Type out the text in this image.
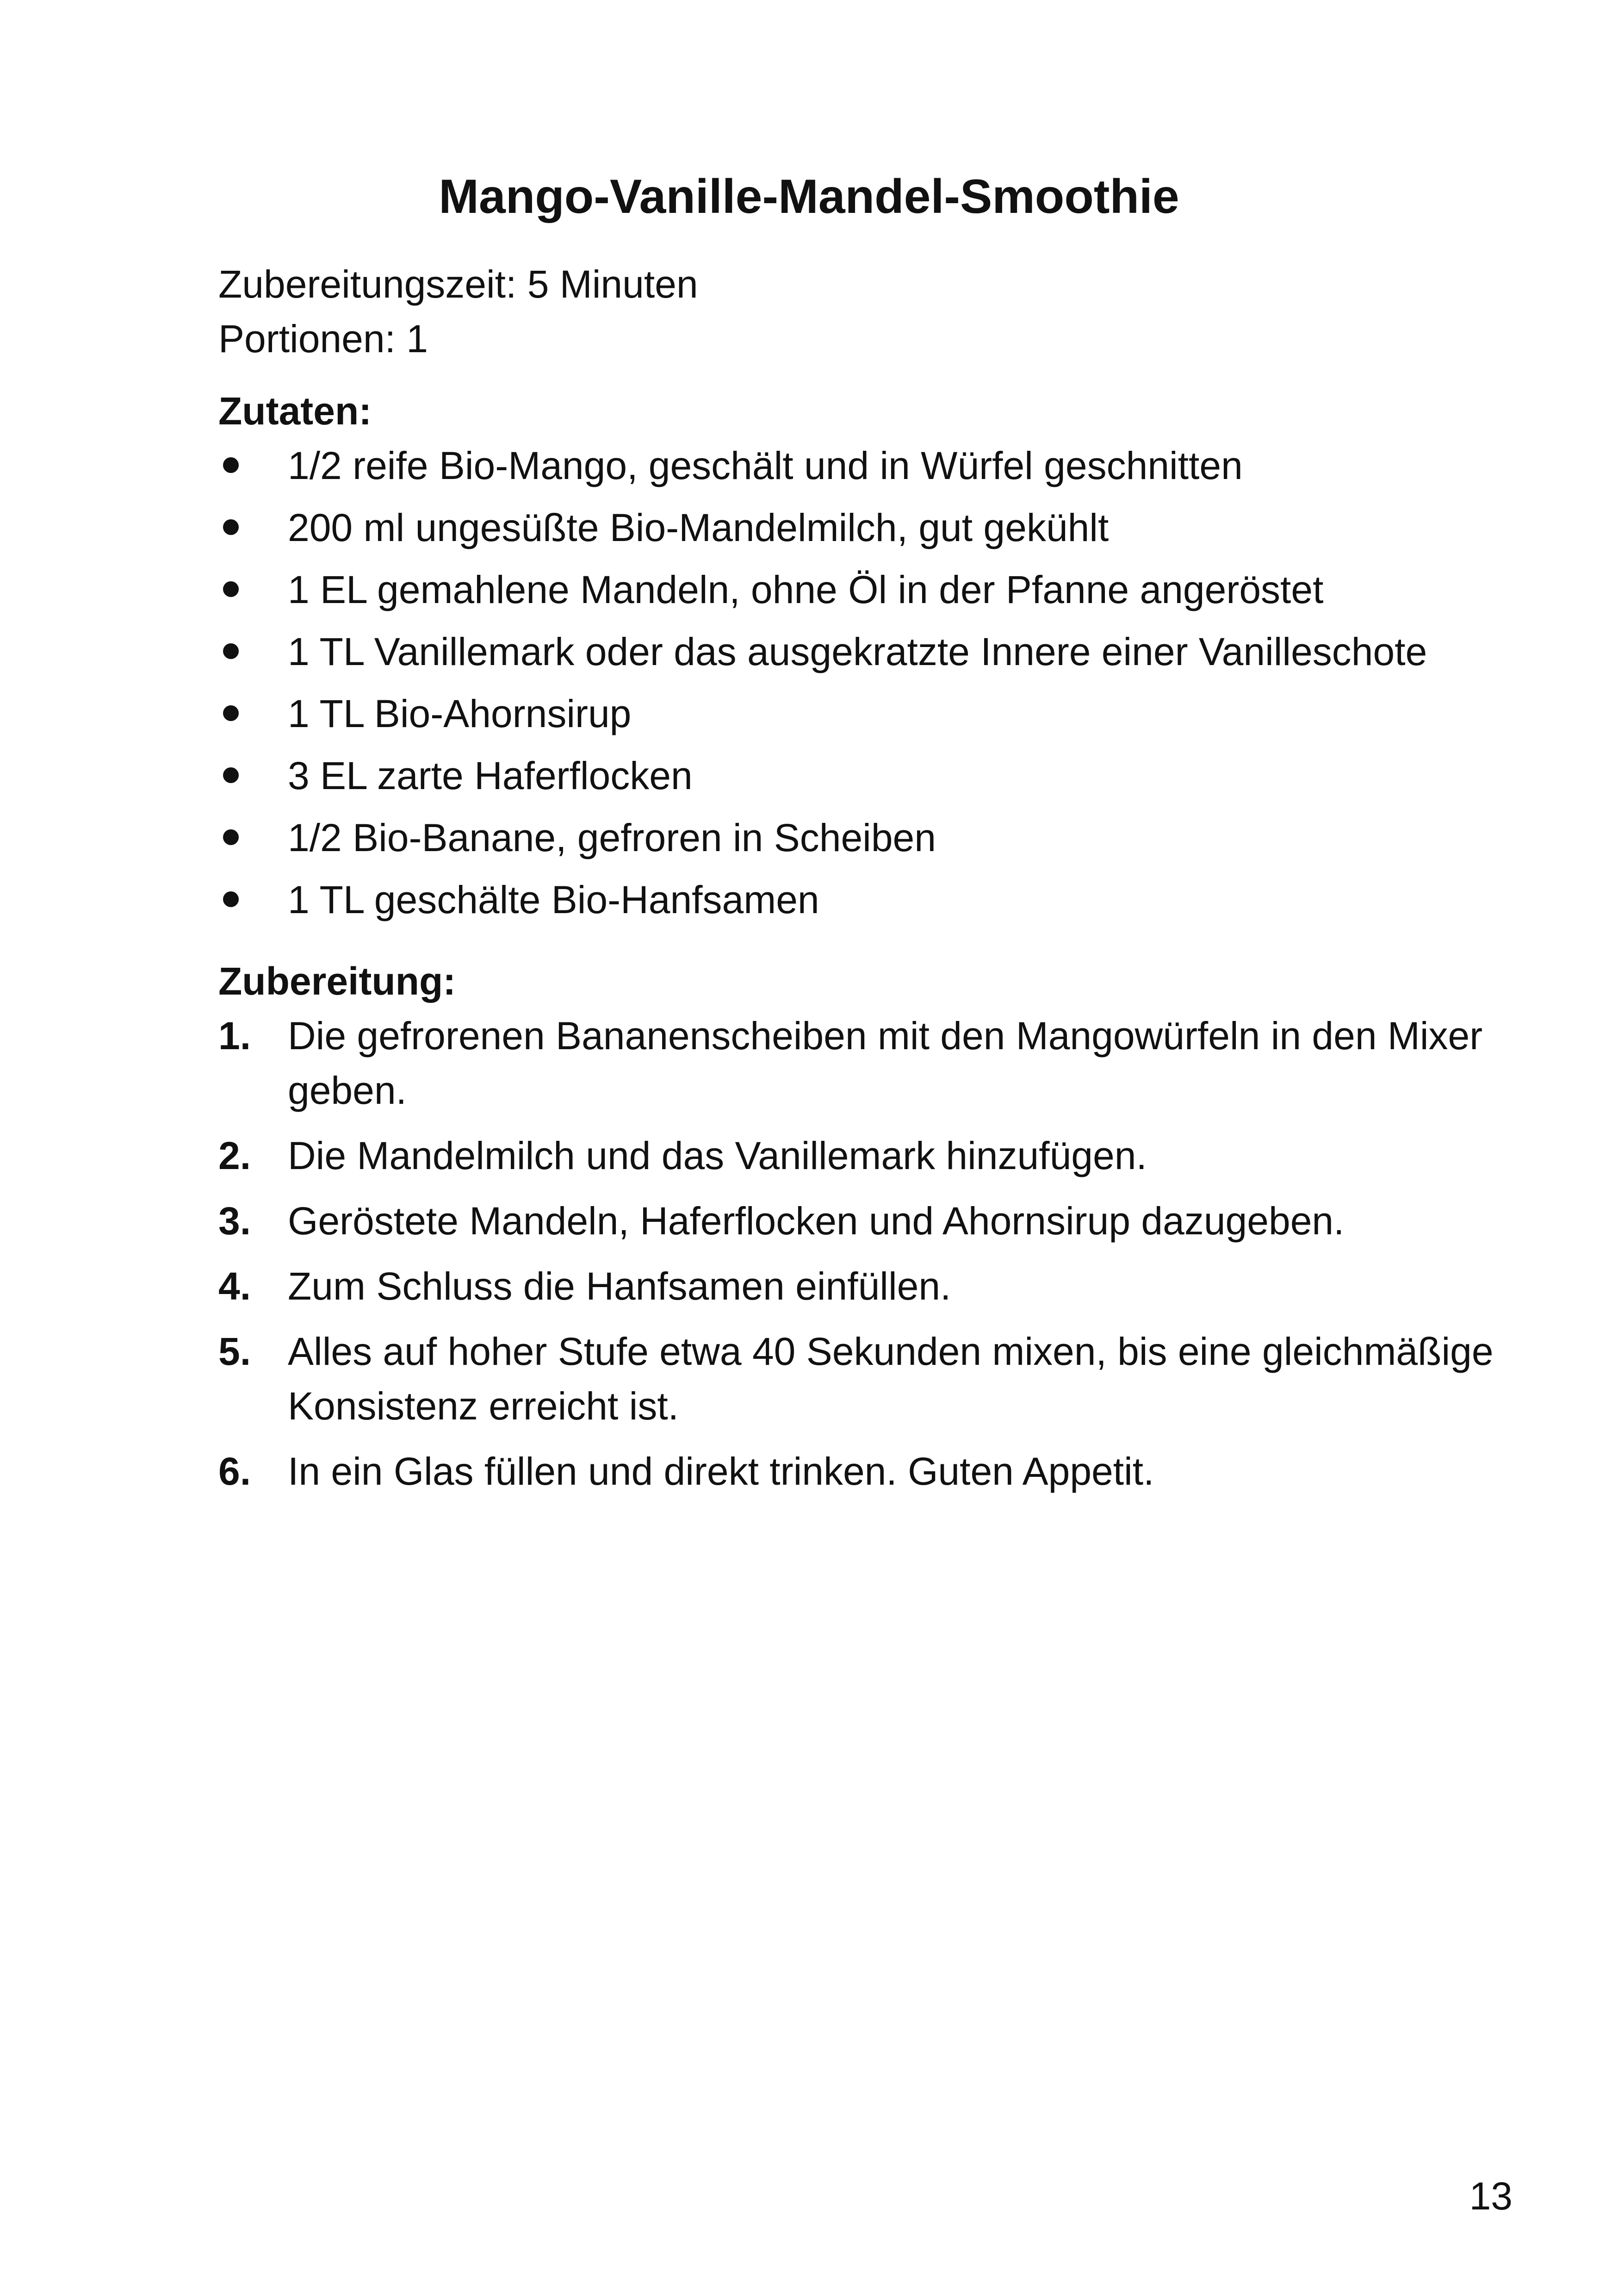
Mango-Vanille-Mandel-Smoothie

Zubereitungszeit: 5 Minuten

Portionen: 1

Zutaten:

1/2 reife Bio-Mango, geschält und in Würfel geschnitten
200 ml ungesüßte Bio-Mandelmilch, gut gekühlt
1 EL gemahlene Mandeln, ohne Öl in der Pfanne angeröstet
1 TL Vanillemark oder das ausgekratzte Innere einer Vanilleschote
1 TL Bio-Ahornsirup
3 EL zarte Haferflocken
1/2 Bio-Banane, gefroren in Scheiben
1 TL geschälte Bio-Hanfsamen

Zubereitung:

1. Die gefrorenen Bananenscheiben mit den Mangowürfeln in den Mixer geben.
2. Die Mandelmilch und das Vanillemark hinzufügen.
3. Geröstete Mandeln, Haferflocken und Ahornsirup dazugeben.
4. Zum Schluss die Hanfsamen einfüllen.
5. Alles auf hoher Stufe etwa 40 Sekunden mixen, bis eine gleichmäßige Konsistenz erreicht ist.
6. In ein Glas füllen und direkt trinken. Guten Appetit.
13
